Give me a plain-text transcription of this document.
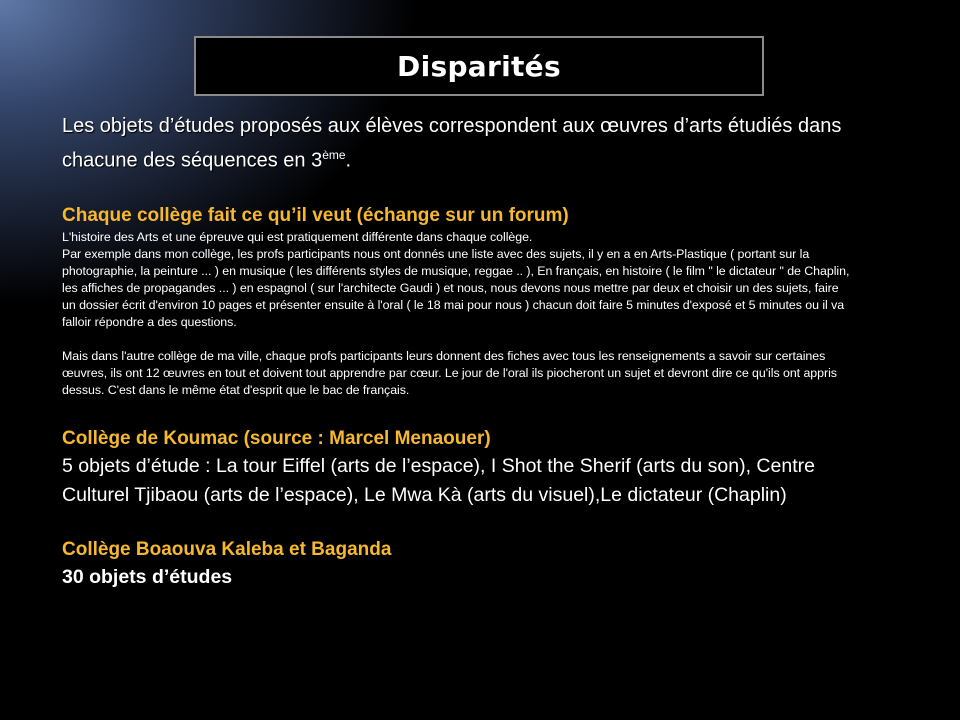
Disparités

Les objets d’études proposés aux élèves correspondent aux œuvres d’arts étudiés dans chacune des séquences en 3ème.

Chaque collège fait ce qu’il veut (échange sur un forum)

L'histoire des Arts et une épreuve qui est pratiquement différente dans chaque collège.

Par exemple dans mon collège, les profs participants nous ont donnés une liste avec des sujets, il y en a en Arts-Plastique ( portant sur la photographie, la peinture ... ) en musique ( les différents styles de musique, reggae .. ), En français, en histoire ( le film " le dictateur " de Chaplin, les affiches de propagandes ... ) en espagnol ( sur l'architecte Gaudi ) et nous, nous devons nous mettre par deux et choisir un des sujets, faire un dossier écrit d'environ 10 pages et présenter ensuite à l'oral ( le 18 mai pour nous ) chacun doit faire 5 minutes d'exposé et 5 minutes ou il va falloir répondre a des questions.

Mais dans l'autre collège de ma ville, chaque profs participants leurs donnent des fiches avec tous les renseignements a savoir sur certaines œuvres, ils ont 12 œuvres en tout et doivent tout apprendre par cœur. Le jour de l'oral ils piocheront un sujet et devront dire ce qu'ils ont appris dessus. C'est dans le même état d'esprit que le bac de français.

Collège de Koumac (source : Marcel Menaouer)

5 objets d’étude : La tour Eiffel (arts de l’espace), I Shot the Sherif (arts du son), Centre Culturel Tjibaou (arts de l’espace), Le Mwa Kà (arts du visuel),Le dictateur (Chaplin)

Collège Boaouva Kaleba et Baganda

30 objets d’études
